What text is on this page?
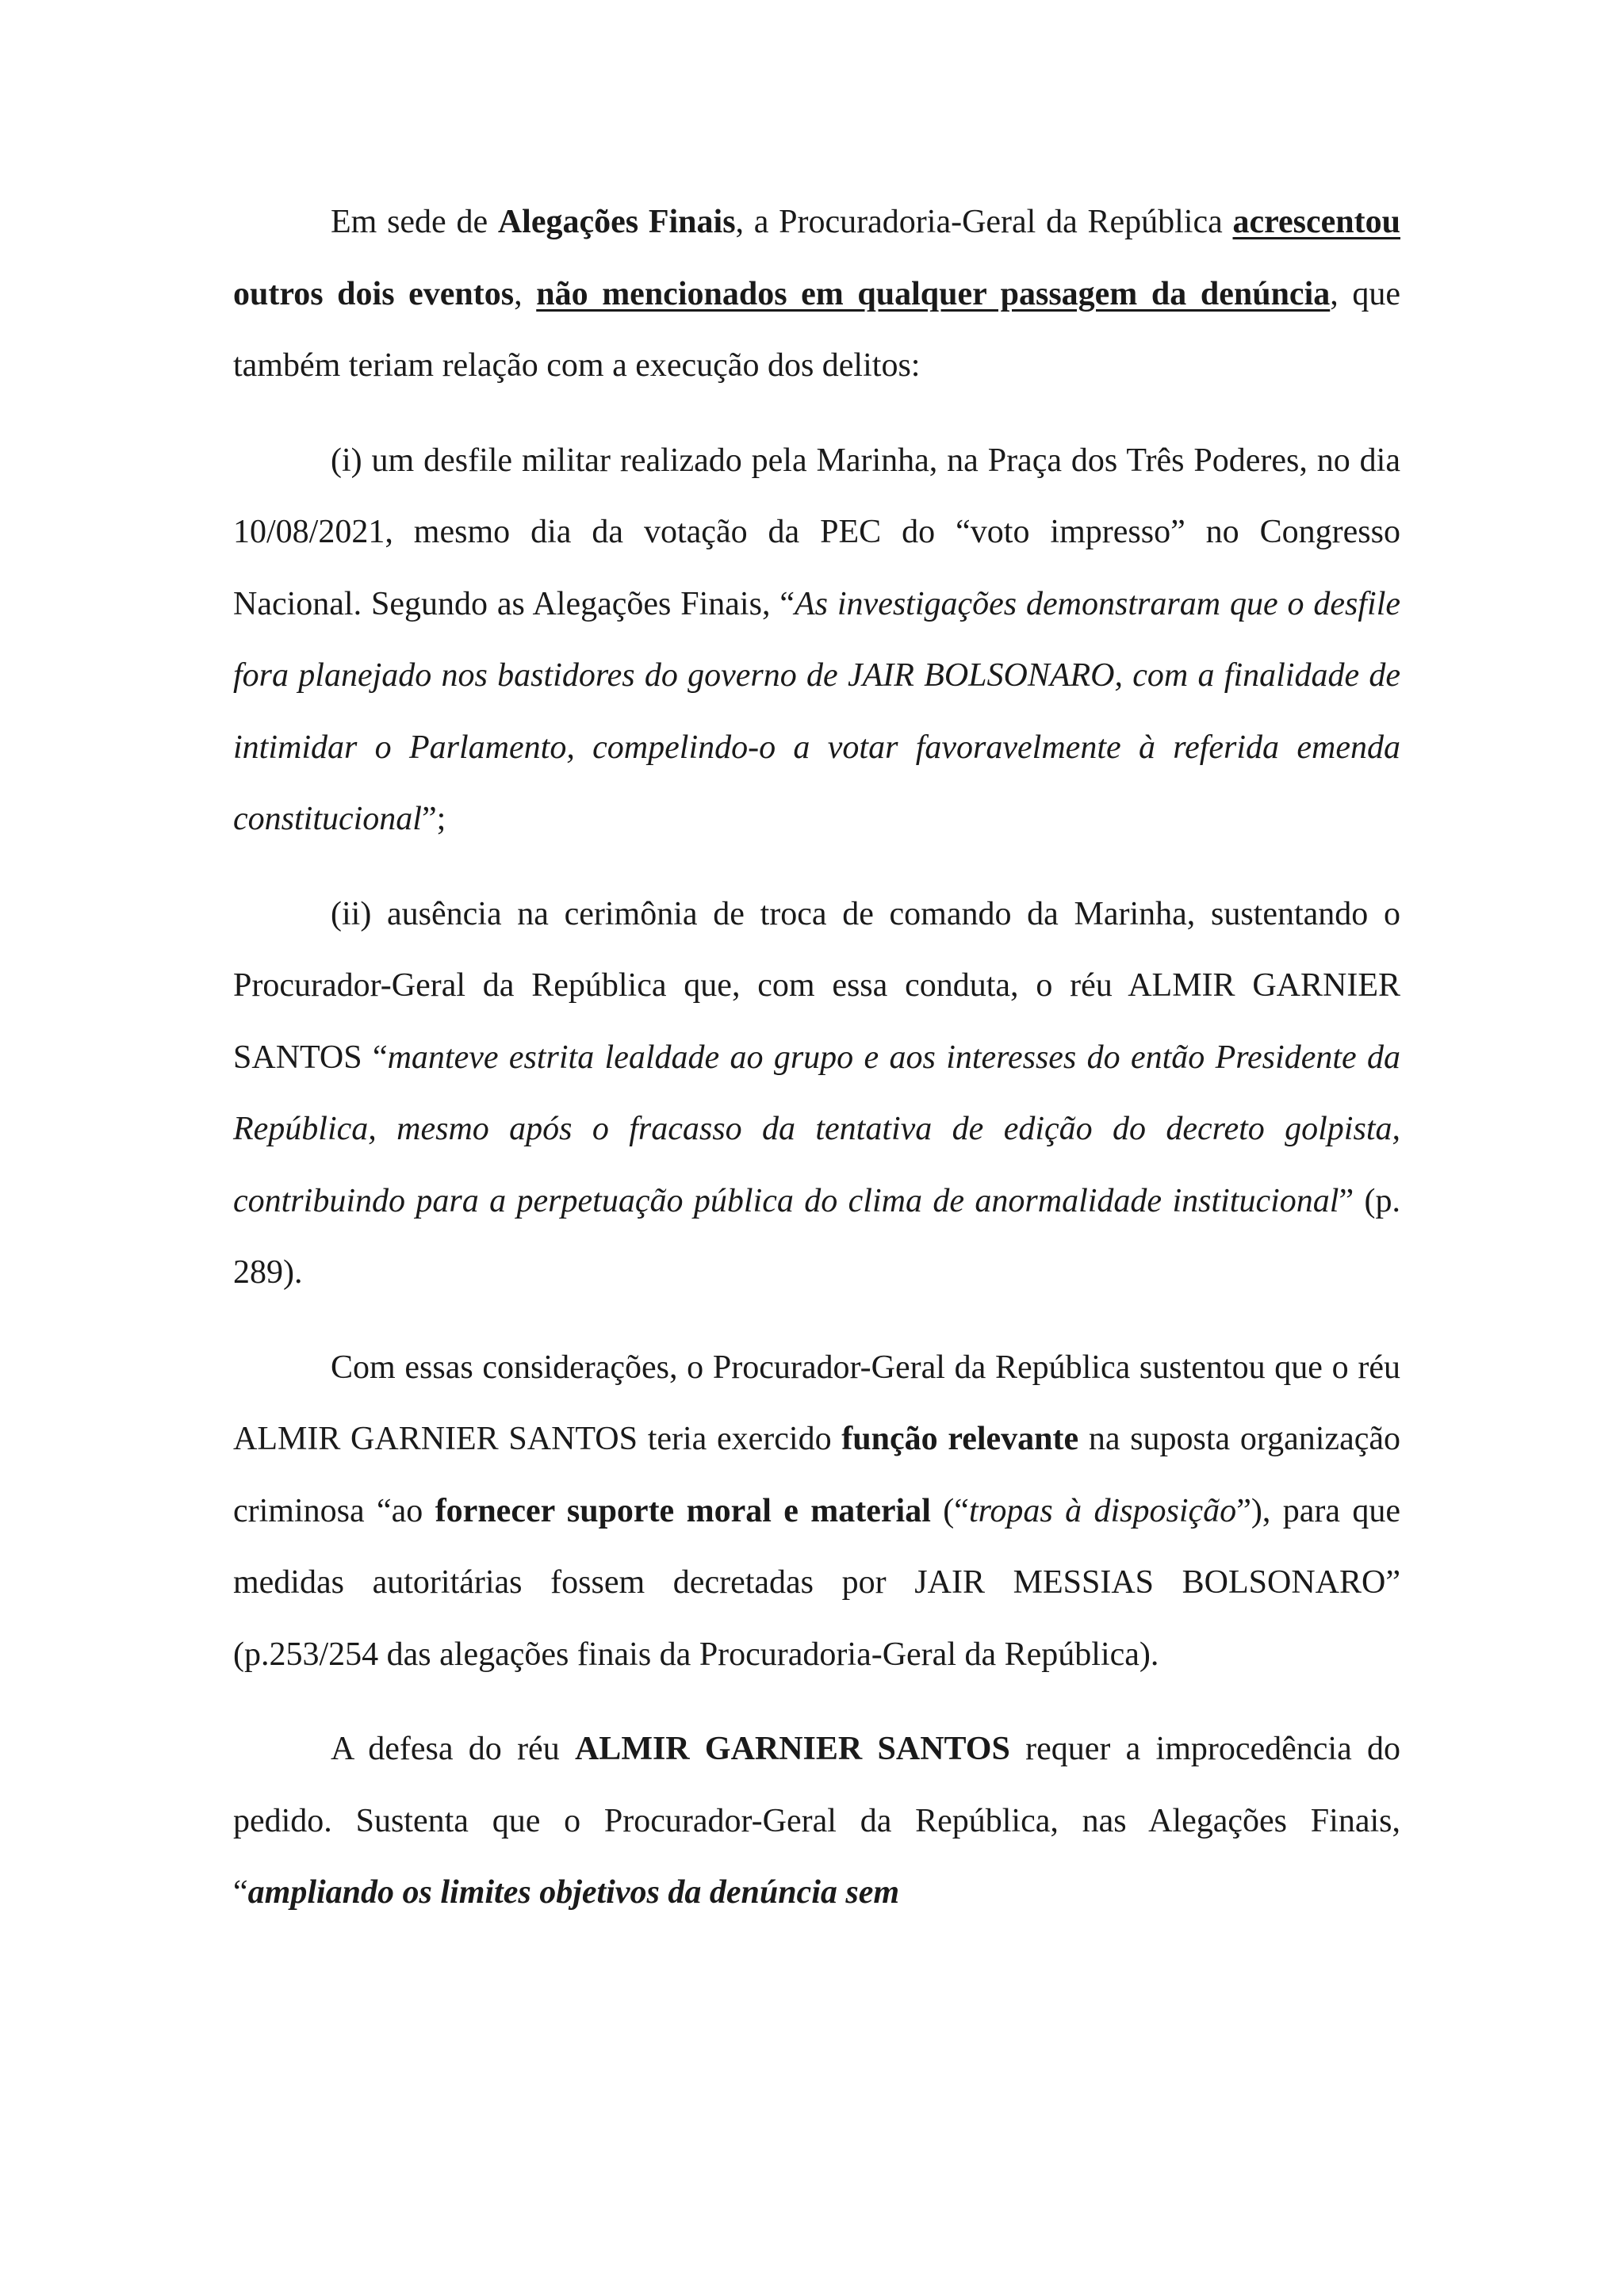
Em sede de Alegações Finais, a Procuradoria-Geral da República acrescentou outros dois eventos, não mencionados em qualquer passagem da denúncia, que também teriam relação com a execução dos delitos:

(i) um desfile militar realizado pela Marinha, na Praça dos Três Poderes, no dia 10/08/2021, mesmo dia da votação da PEC do “voto impresso” no Congresso Nacional. Segundo as Alegações Finais, “As investigações demonstraram que o desfile fora planejado nos bastidores do governo de JAIR BOLSONARO, com a finalidade de intimidar o Parlamento, compelindo-o a votar favoravelmente à referida emenda constitucional”;

(ii) ausência na cerimônia de troca de comando da Marinha, sustentando o Procurador-Geral da República que, com essa conduta, o réu ALMIR GARNIER SANTOS “manteve estrita lealdade ao grupo e aos interesses do então Presidente da República, mesmo após o fracasso da tentativa de edição do decreto golpista, contribuindo para a perpetuação pública do clima de anormalidade institucional” (p. 289).

Com essas considerações, o Procurador-Geral da República sustentou que o réu ALMIR GARNIER SANTOS teria exercido função relevante na suposta organização criminosa “ao fornecer suporte moral e material (“tropas à disposição”), para que medidas autoritárias fossem decretadas por JAIR MESSIAS BOLSONARO” (p.253/254 das alegações finais da Procuradoria-Geral da República).

A defesa do réu ALMIR GARNIER SANTOS requer a improcedência do pedido. Sustenta que o Procurador-Geral da República, nas Alegações Finais, “ampliando os limites objetivos da denúncia sem
